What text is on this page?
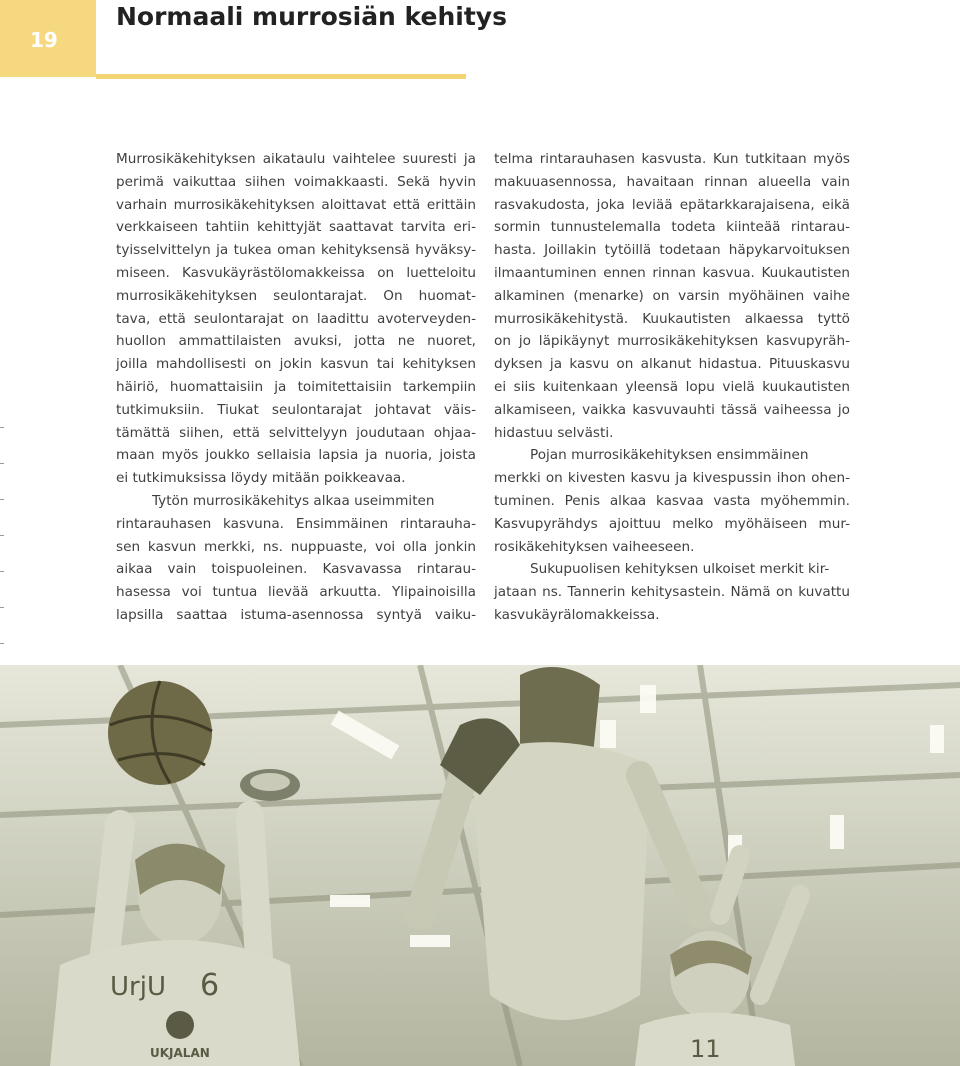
19
Normaali murrosiän kehitys
Murrosikäkehityksen aikataulu vaihtelee suuresti ja
perimä vaikuttaa siihen voimakkaasti. Sekä hyvin
varhain murrosikäkehityksen aloittavat että erittäin
verkkaiseen tahtiin kehittyjät saattavat tarvita eri-
tyisselvittelyn ja tukea oman kehityksensä hyväksy-
miseen. Kasvukäyrästölomakkeissa on luetteloitu
murrosikäkehityksen seulontarajat. On huomat-
tava, että seulontarajat on laadittu avoterveyden-
huollon ammattilaisten avuksi, jotta ne nuoret,
joilla mahdollisesti on jokin kasvun tai kehityksen
häiriö, huomattaisiin ja toimitettaisiin tarkempiin
tutkimuksiin. Tiukat seulontarajat johtavat väis-
tämättä siihen, että selvittelyyn joudutaan ohjaa-
maan myös joukko sellaisia lapsia ja nuoria, joista
ei tutkimuksissa löydy mitään poikkeavaa.
Tytön murrosikäkehitys alkaa useimmiten
rintarauhasen kasvuna. Ensimmäinen rintarauha-
sen kasvun merkki, ns. nuppuaste, voi olla jonkin
aikaa vain toispuoleinen. Kasvavassa rintarau-
hasessa voi tuntua lievää arkuutta. Ylipainoisilla
lapsilla saattaa istuma-asennossa syntyä vaiku-
telma rintarauhasen kasvusta. Kun tutkitaan myös
makuuasennossa, havaitaan rinnan alueella vain
rasvakudosta, joka leviää epätarkkarajaisena, eikä
sormin tunnustelemalla todeta kiinteää rintarau-
hasta. Joillakin tytöillä todetaan häpykarvoituksen
ilmaantuminen ennen rinnan kasvua. Kuukautisten
alkaminen (menarke) on varsin myöhäinen vaihe
murrosikäkehitystä. Kuukautisten alkaessa tyttö
on jo läpikäynyt murrosikäkehityksen kasvupyräh-
dyksen ja kasvu on alkanut hidastua. Pituuskasvu
ei siis kuitenkaan yleensä lopu vielä kuukautisten
alkamiseen, vaikka kasvuvauhti tässä vaiheessa jo
hidastuu selvästi.
Pojan murrosikäkehityksen ensimmäinen
merkki on kivesten kasvu ja kivespussin ihon ohen-
tuminen. Penis alkaa kasvaa vasta myöhemmin.
Kasvupyrähdys ajoittuu melko myöhäiseen mur-
rosikäkehityksen vaiheeseen.
Sukupuolisen kehityksen ulkoiset merkit kir-
jataan ns. Tannerin kehitysastein. Nämä on kuvattu
kasvukäyrälomakkeissa.
UrjU 6
UKJALAN	11
